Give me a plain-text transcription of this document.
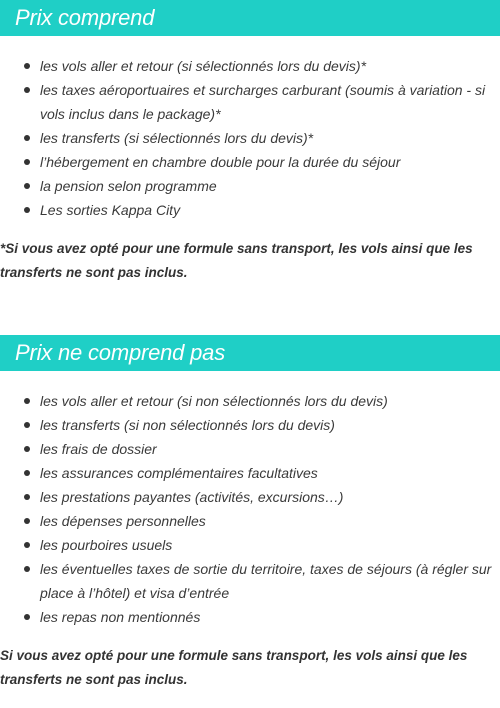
Prix comprend
les vols aller et retour (si sélectionnés lors du devis)*
les taxes aéroportuaires et surcharges carburant (soumis à variation - si vols inclus dans le package)*
les transferts (si sélectionnés lors du devis)*
l’hébergement en chambre double pour la durée du séjour
la pension selon programme
Les sorties Kappa City
*Si vous avez opté pour une formule sans transport, les vols ainsi que les transferts ne sont pas inclus.
Prix ne comprend pas
les vols aller et retour (si non sélectionnés lors du devis)
les transferts (si non sélectionnés lors du devis)
les frais de dossier
les assurances complémentaires facultatives
les prestations payantes (activités, excursions…)
les dépenses personnelles
les pourboires usuels
les éventuelles taxes de sortie du territoire, taxes de séjours (à régler sur place à l’hôtel) et visa d’entrée
les repas non mentionnés
Si vous avez opté pour une formule sans transport, les vols ainsi que les transferts ne sont pas inclus.
